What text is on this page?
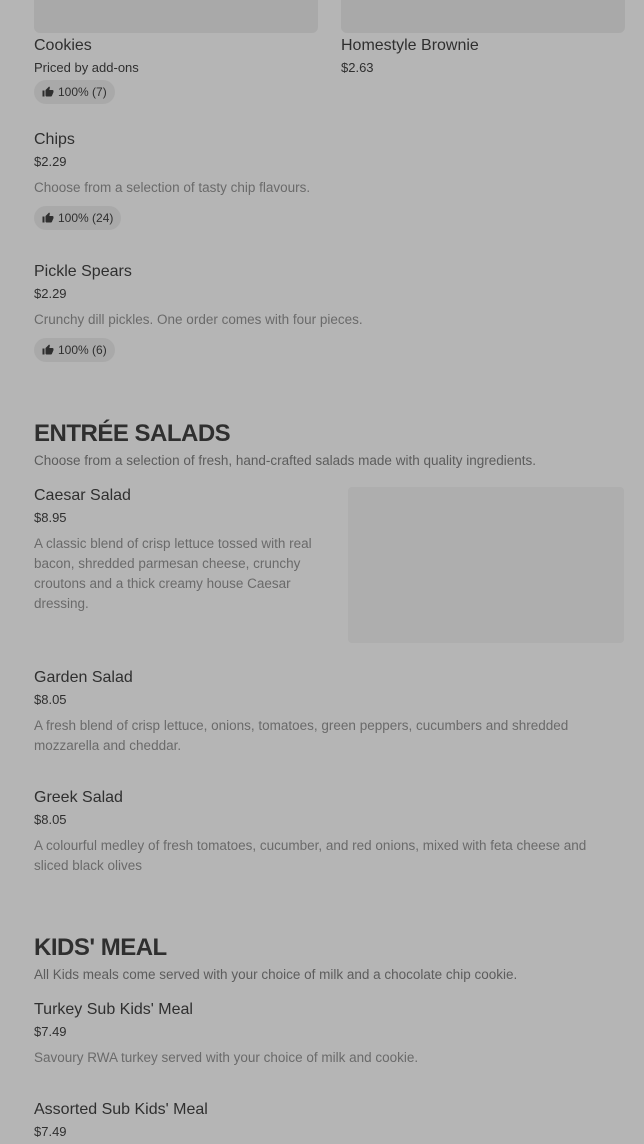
Cookies
Priced by add-ons
100% (7)
Homestyle Brownie
$2.63
Chips
$2.29
Choose from a selection of tasty chip flavours.
100% (24)
Pickle Spears
$2.29
Crunchy dill pickles. One order comes with four pieces.
100% (6)
ENTRÉE SALADS
Choose from a selection of fresh, hand-crafted salads made with quality ingredients.
Caesar Salad
$8.95
A classic blend of crisp lettuce tossed with real bacon, shredded parmesan cheese, crunchy croutons and a thick creamy house Caesar dressing.
Garden Salad
$8.05
A fresh blend of crisp lettuce, onions, tomatoes, green peppers, cucumbers and shredded mozzarella and cheddar.
Greek Salad
$8.05
A colourful medley of fresh tomatoes, cucumber, and red onions, mixed with feta cheese and sliced black olives
KIDS' MEAL
All Kids meals come served with your choice of milk and a chocolate chip cookie.
Turkey Sub Kids' Meal
$7.49
Savoury RWA turkey served with your choice of milk and cookie.
Assorted Sub Kids' Meal
$7.49
